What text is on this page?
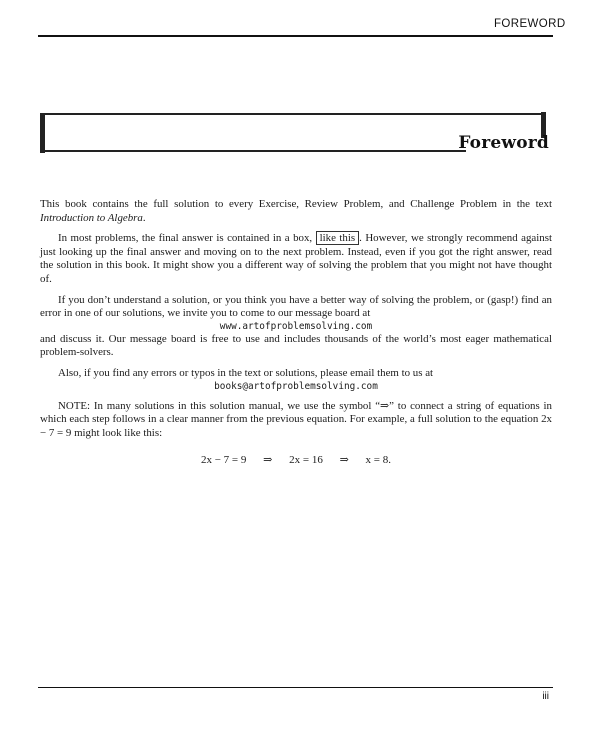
FOREWORD
Foreword

This book contains the full solution to every Exercise, Review Problem, and Challenge Problem in the text Introduction to Algebra.

In most problems, the final answer is contained in a box, like this . However, we strongly recommend against just looking up the final answer and moving on to the next problem. Instead, even if you got the right answer, read the solution in this book. It might show you a different way of solving the problem that you might not have thought of.

If you don’t understand a solution, or you think you have a better way of solving the problem, or (gasp!) find an error in one of our solutions, we invite you to come to our message board at
www.artofproblemsolving.com

and discuss it. Our message board is free to use and includes thousands of the world’s most eager mathematical problem-solvers.

Also, if you find any errors or typos in the text or solutions, please email them to us at
books@artofproblemsolving.com

NOTE: In many solutions in this solution manual, we use the symbol “⇒” to connect a string of equations in which each step follows in a clear manner from the previous equation. For example, a full solution to the equation 2x − 7 = 9 might look like this:

2x − 7 = 9 ⇒ 2x = 16 ⇒ x = 8.
iii
